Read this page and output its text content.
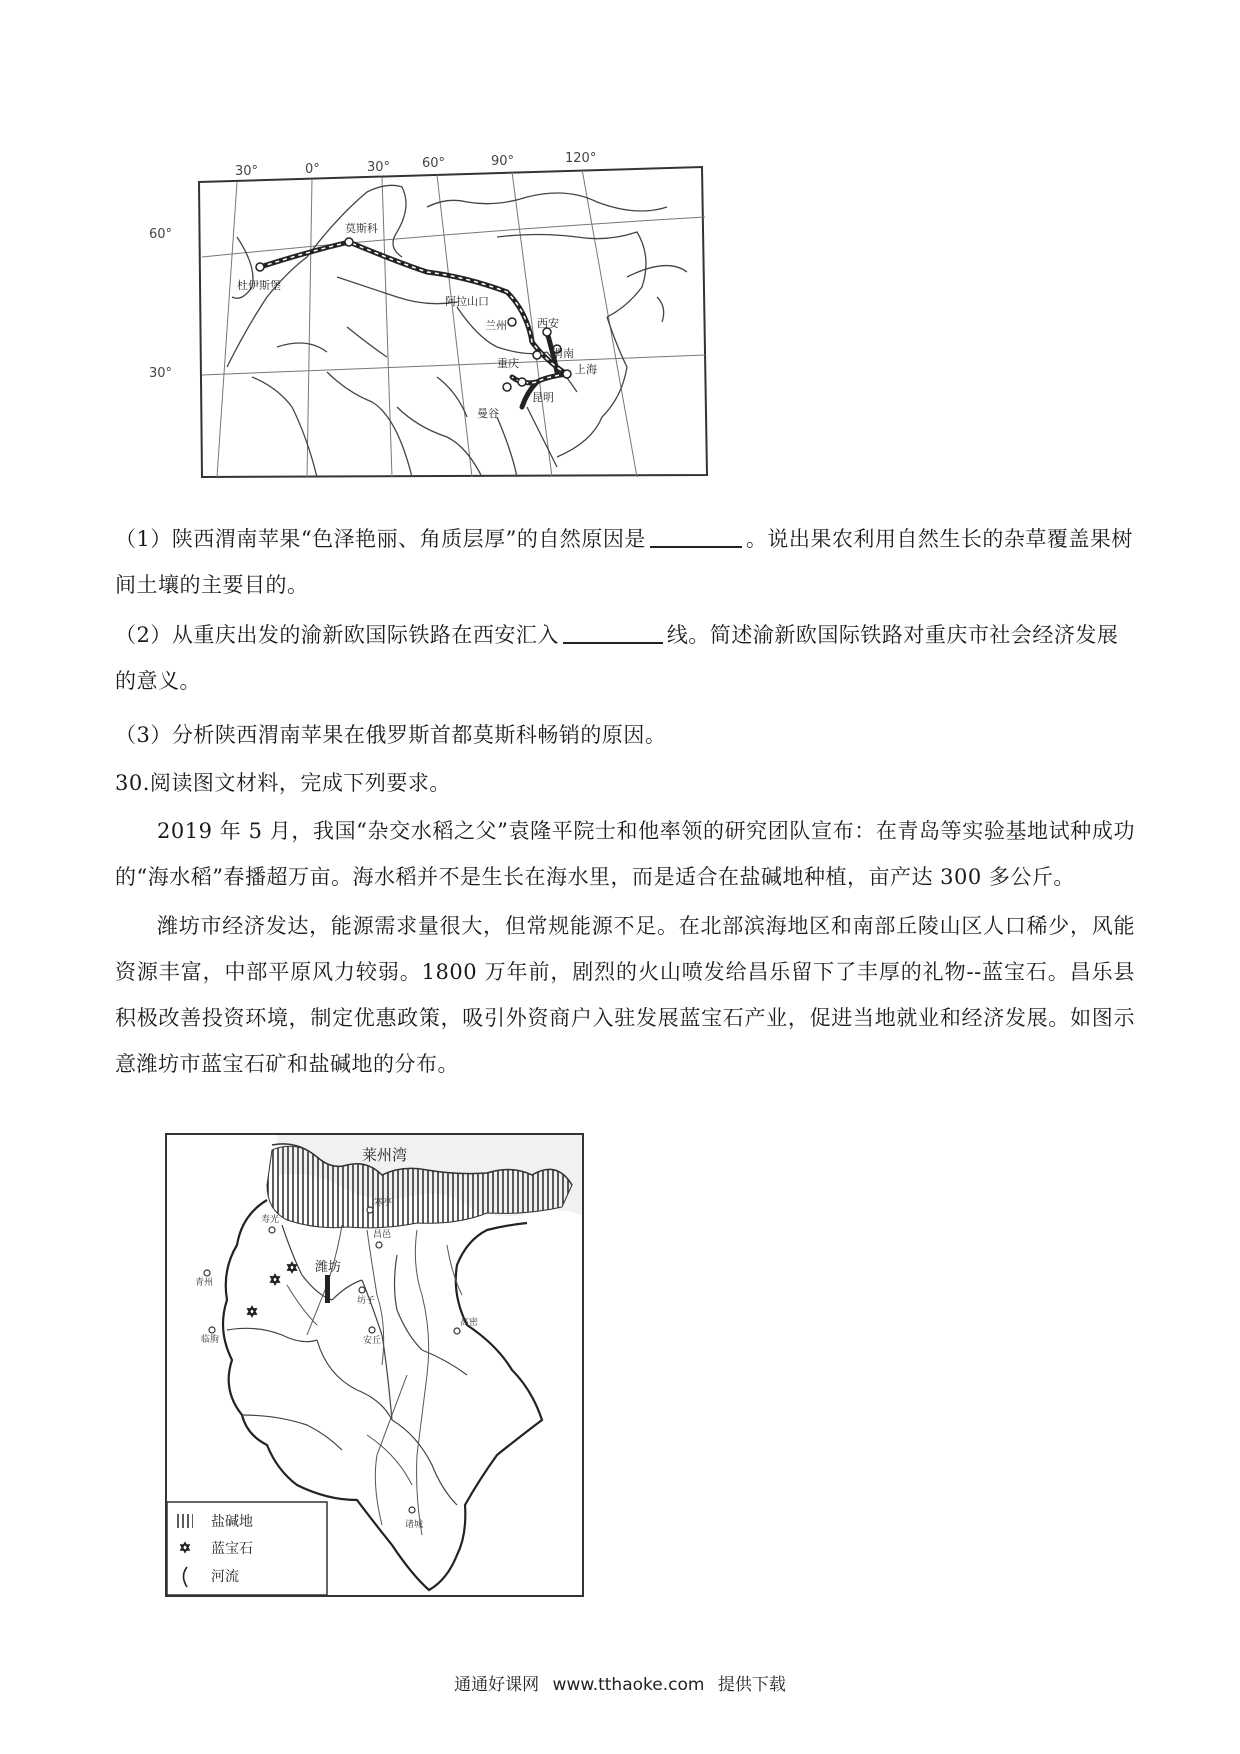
30°	0°	30° 60°	90°	120°
60°
30°
莫斯科
杜伊斯堡
阿拉山口
兰州	西安
渭南
上海
重庆
昆明
曼谷
（1）陕西渭南苹果“色泽艳丽、角质层厚”的自然原因是	。说出果农利用自然生长的杂草覆盖果树间土壤的主要目的。
（2）从重庆出发的渝新欧国际铁路在西安汇入	线。简述渝新欧国际铁路对重庆市社会经济发展的意义。
（3）分析陕西渭南苹果在俄罗斯首都莫斯科畅销的原因。
30.阅读图文材料，完成下列要求。
2019 年 5 月，我国“杂交水稻之父”袁隆平院士和他率领的研究团队宣布：在青岛等实验基地试种成功的“海水稻”春播超万亩。海水稻并不是生长在海水里，而是适合在盐碱地种植，亩产达 300 多公斤。
潍坊市经济发达，能源需求量很大，但常规能源不足。在北部滨海地区和南部丘陵山区人口稀少，风能资源丰富，中部平原风力较弱。1800 万年前，剧烈的火山喷发给昌乐留下了丰厚的礼物--蓝宝石。昌乐县积极改善投资环境，制定优惠政策，吸引外资商户入驻发展蓝宝石产业，促进当地就业和经济发展。如图示意潍坊市蓝宝石矿和盐碱地的分布。
潍坊
莱州湾
寿光
青州
临朐	安丘
坊子
昌邑
高密
诸城
寒亭
盐碱地
蓝宝石
河流
通通好课网 www.tthaoke.com 提供下载
